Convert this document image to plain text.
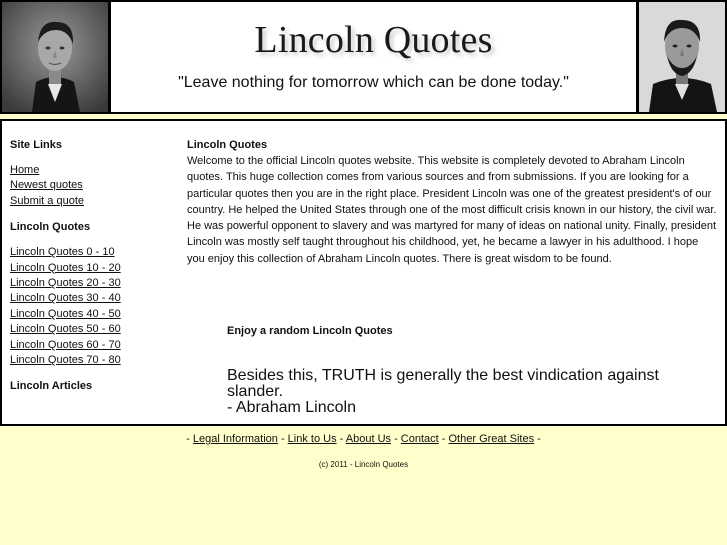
Lincoln Quotes
"Leave nothing for tomorrow which can be done today."

Site Links

Home
Newest quotes
Submit a quote

Lincoln Quotes

Lincoln Quotes 0 - 10
Lincoln Quotes 10 - 20
Lincoln Quotes 20 - 30
Lincoln Quotes 30 - 40
Lincoln Quotes 40 - 50
Lincoln Quotes 50 - 60
Lincoln Quotes 60 - 70
Lincoln Quotes 70 - 80

Lincoln Articles

Lincoln Quotes

Welcome to the official Lincoln quotes website. This website is completely devoted to Abraham Lincoln quotes. This huge collection comes from various sources and from submissions. If you are looking for a particular quotes then you are in the right place. President Lincoln was one of the greatest president's of our country. He helped the United States through one of the most difficult crisis known in our history, the civil war. He was powerful opponent to slavery and was martyred for many of ideas on national unity. Finally, president Lincoln was mostly self taught throughout his childhood, yet, he became a lawyer in his adulthood. I hope you enjoy this collection of Abraham Lincoln quotes. There is great wisdom to be found.

Enjoy a random Lincoln Quotes

Besides this, TRUTH is generally the best vindication against slander.

- Abraham Lincoln

- Legal Information - Link to Us - About Us - Contact - Other Great Sites -
(c) 2011 - Lincoln Quotes
